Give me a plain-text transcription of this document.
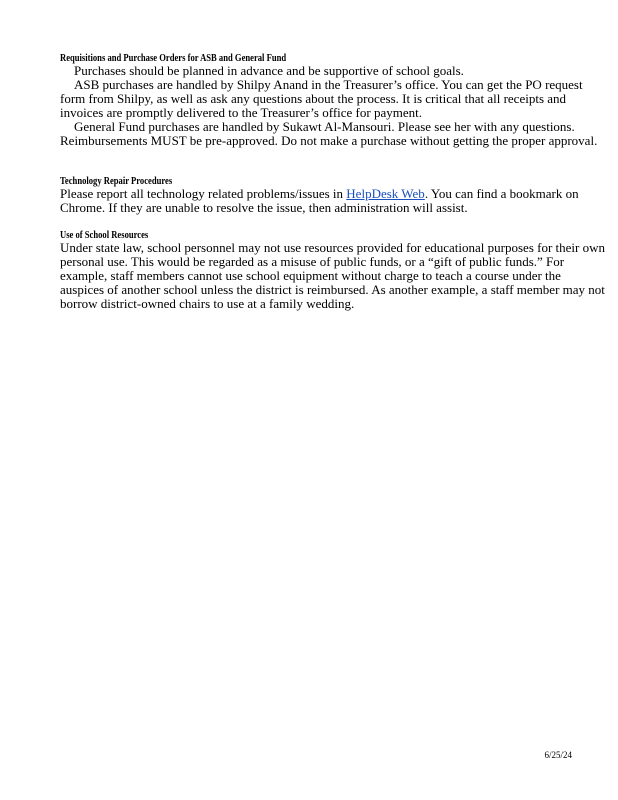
Requisitions and Purchase Orders for ASB and General Fund
Purchases should be planned in advance and be supportive of school goals.
ASB purchases are handled by Shilpy Anand in the Treasurer’s office. You can get the PO request form from Shilpy, as well as ask any questions about the process. It is critical that all receipts and invoices are promptly delivered to the Treasurer’s office for payment.
General Fund purchases are handled by Sukawt Al-Mansouri. Please see her with any questions. Reimbursements MUST be pre-approved. Do not make a purchase without getting the proper approval.
Technology Repair Procedures
Please report all technology related problems/issues in HelpDesk Web. You can find a bookmark on Chrome. If they are unable to resolve the issue, then administration will assist.
Use of School Resources
Under state law, school personnel may not use resources provided for educational purposes for their own personal use. This would be regarded as a misuse of public funds, or a “gift of public funds.” For example, staff members cannot use school equipment without charge to teach a course under the auspices of another school unless the district is reimbursed. As another example, a staff member may not borrow district-owned chairs to use at a family wedding.
6/25/24
